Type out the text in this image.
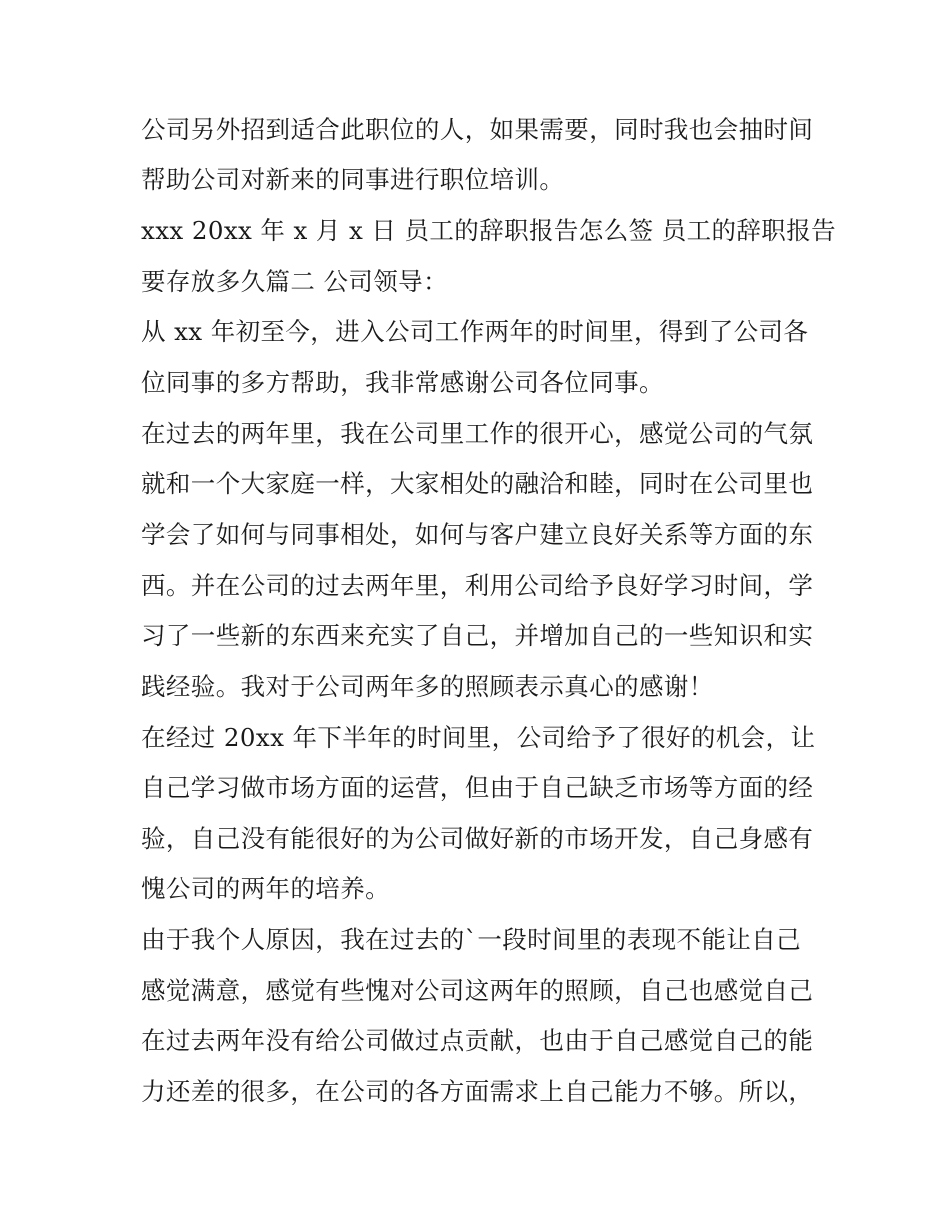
公司另外招到适合此职位的人，如果需要，同时我也会抽时间
帮助公司对新来的同事进行职位培训。
xxx 20xx 年 x 月 x 日 员工的辞职报告怎么签 员工的辞职报告
要存放多久篇二 公司领导：
从 xx 年初至今，进入公司工作两年的时间里，得到了公司各
位同事的多方帮助，我非常感谢公司各位同事。
在过去的两年里，我在公司里工作的很开心，感觉公司的气氛
就和一个大家庭一样，大家相处的融洽和睦，同时在公司里也
学会了如何与同事相处，如何与客户建立良好关系等方面的东
西。并在公司的过去两年里，利用公司给予良好学习时间，学
习了一些新的东西来充实了自己，并增加自己的一些知识和实
践经验。我对于公司两年多的照顾表示真心的感谢！
在经过 20xx 年下半年的时间里，公司给予了很好的机会，让
自己学习做市场方面的运营，但由于自己缺乏市场等方面的经
验，自己没有能很好的为公司做好新的市场开发，自己身感有
愧公司的两年的培养。
由于我个人原因，我在过去的`一段时间里的表现不能让自己
感觉满意，感觉有些愧对公司这两年的照顾，自己也感觉自己
在过去两年没有给公司做过点贡献，也由于自己感觉自己的能
力还差的很多，在公司的各方面需求上自己能力不够。所以，
